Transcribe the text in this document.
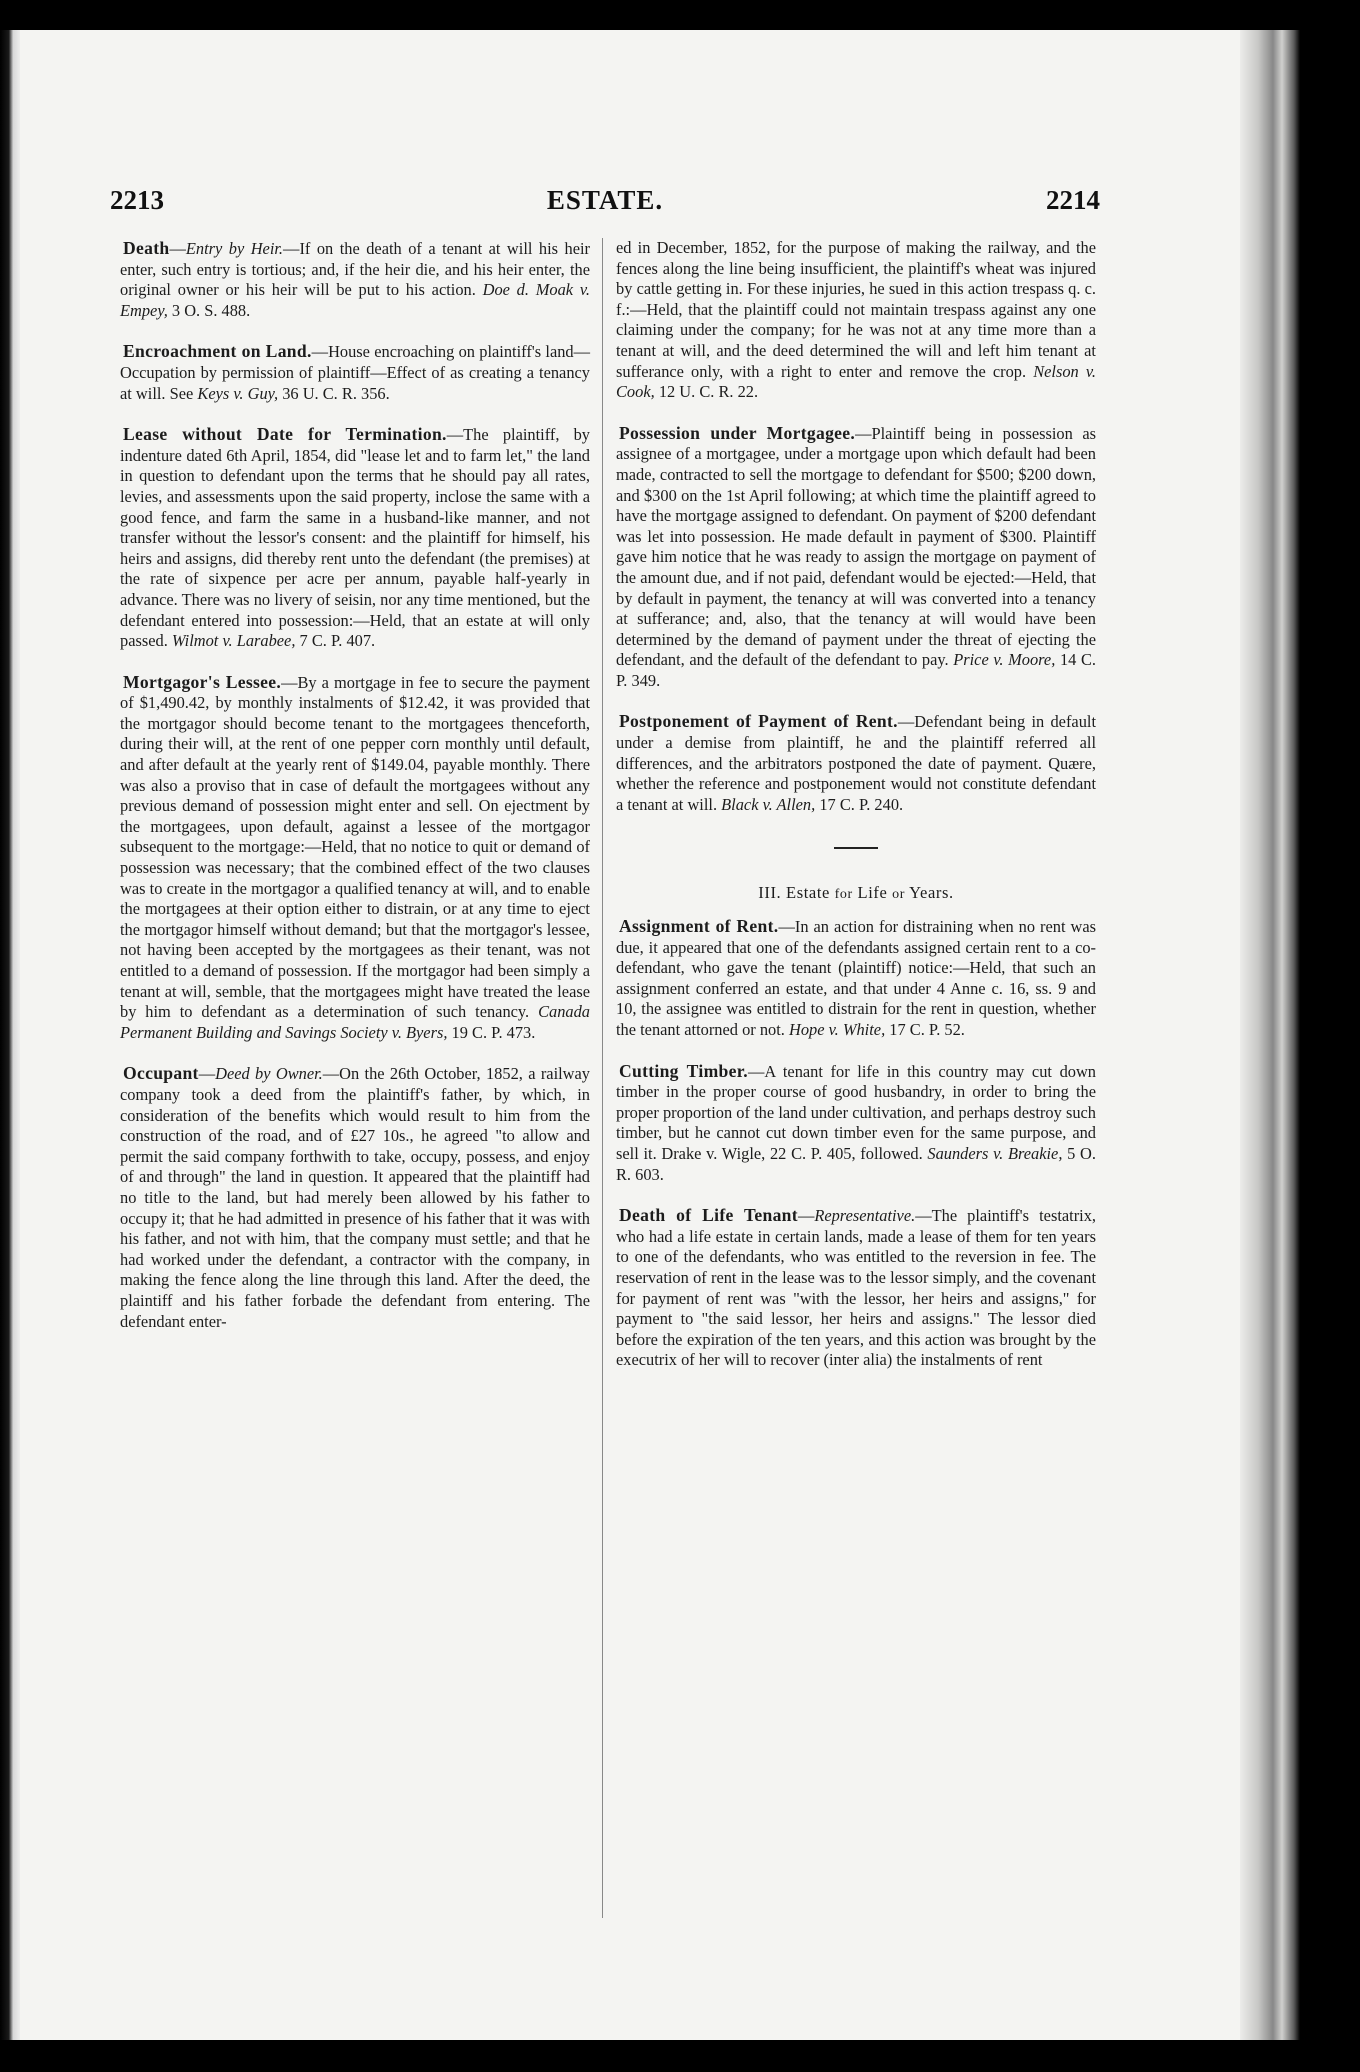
2213	ESTATE.	2214

Death—Entry by Heir.—If on the death of a tenant at will his heir enter, such entry is tortious; and, if the heir die, and his heir enter, the original owner or his heir will be put to his action. Doe d. Moak v. Empey, 3 O. S. 488.

Encroachment on Land.—House encroaching on plaintiff's land—Occupation by permission of plaintiff—Effect of as creating a tenancy at will. See Keys v. Guy, 36 U. C. R. 356.

Lease without Date for Termination.—The plaintiff, by indenture dated 6th April, 1854, did "lease let and to farm let," the land in question to defendant upon the terms that he should pay all rates, levies, and assessments upon the said property, inclose the same with a good fence, and farm the same in a husband-like manner, and not transfer without the lessor's consent: and the plaintiff for himself, his heirs and assigns, did thereby rent unto the defendant (the premises) at the rate of sixpence per acre per annum, payable half-yearly in advance. There was no livery of seisin, nor any time mentioned, but the defendant entered into possession:—Held, that an estate at will only passed. Wilmot v. Larabee, 7 C. P. 407.

Mortgagor's Lessee.—By a mortgage in fee to secure the payment of $1,490.42, by monthly instalments of $12.42, it was provided that the mortgagor should become tenant to the mortgagees thenceforth, during their will, at the rent of one pepper corn monthly until default, and after default at the yearly rent of $149.04, payable monthly. There was also a proviso that in case of default the mortgagees without any previous demand of possession might enter and sell. On ejectment by the mortgagees, upon default, against a lessee of the mortgagor subsequent to the mortgage:—Held, that no notice to quit or demand of possession was necessary; that the combined effect of the two clauses was to create in the mortgagor a qualified tenancy at will, and to enable the mortgagees at their option either to distrain, or at any time to eject the mortgagor himself without demand; but that the mortgagor's lessee, not having been accepted by the mortgagees as their tenant, was not entitled to a demand of possession. If the mortgagor had been simply a tenant at will, semble, that the mortgagees might have treated the lease by him to defendant as a determination of such tenancy. Canada Permanent Building and Savings Society v. Byers, 19 C. P. 473.

Occupant—Deed by Owner.—On the 26th October, 1852, a railway company took a deed from the plaintiff's father, by which, in consideration of the benefits which would result to him from the construction of the road, and of £27 10s., he agreed "to allow and permit the said company forthwith to take, occupy, possess, and enjoy of and through" the land in question. It appeared that the plaintiff had no title to the land, but had merely been allowed by his father to occupy it; that he had admitted in presence of his father that it was with his father, and not with him, that the company must settle; and that he had worked under the defendant, a contractor with the company, in making the fence along the line through this land. After the deed, the plaintiff and his father forbade the defendant from entering. The defendant enter-

ed in December, 1852, for the purpose of making the railway, and the fences along the line being insufficient, the plaintiff's wheat was injured by cattle getting in. For these injuries, he sued in this action trespass q. c. f.:—Held, that the plaintiff could not maintain trespass against any one claiming under the company; for he was not at any time more than a tenant at will, and the deed determined the will and left him tenant at sufferance only, with a right to enter and remove the crop. Nelson v. Cook, 12 U. C. R. 22.

Possession under Mortgagee.—Plaintiff being in possession as assignee of a mortgagee, under a mortgage upon which default had been made, contracted to sell the mortgage to defendant for $500; $200 down, and $300 on the 1st April following; at which time the plaintiff agreed to have the mortgage assigned to defendant. On payment of $200 defendant was let into possession. He made default in payment of $300. Plaintiff gave him notice that he was ready to assign the mortgage on payment of the amount due, and if not paid, defendant would be ejected:—Held, that by default in payment, the tenancy at will was converted into a tenancy at sufferance; and, also, that the tenancy at will would have been determined by the demand of payment under the threat of ejecting the defendant, and the default of the defendant to pay. Price v. Moore, 14 C. P. 349.

Postponement of Payment of Rent.—Defendant being in default under a demise from plaintiff, he and the plaintiff referred all differences, and the arbitrators postponed the date of payment. Quære, whether the reference and postponement would not constitute defendant a tenant at will. Black v. Allen, 17 C. P. 240.

III. Estate for Life or Years.

Assignment of Rent.—In an action for distraining when no rent was due, it appeared that one of the defendants assigned certain rent to a co-defendant, who gave the tenant (plaintiff) notice:—Held, that such an assignment conferred an estate, and that under 4 Anne c. 16, ss. 9 and 10, the assignee was entitled to distrain for the rent in question, whether the tenant attorned or not. Hope v. White, 17 C. P. 52.

Cutting Timber.—A tenant for life in this country may cut down timber in the proper course of good husbandry, in order to bring the proper proportion of the land under cultivation, and perhaps destroy such timber, but he cannot cut down timber even for the same purpose, and sell it. Drake v. Wigle, 22 C. P. 405, followed. Saunders v. Breakie, 5 O. R. 603.

Death of Life Tenant—Representative.—The plaintiff's testatrix, who had a life estate in certain lands, made a lease of them for ten years to one of the defendants, who was entitled to the reversion in fee. The reservation of rent in the lease was to the lessor simply, and the covenant for payment of rent was "with the lessor, her heirs and assigns," for payment to "the said lessor, her heirs and assigns." The lessor died before the expiration of the ten years, and this action was brought by the executrix of her will to recover (inter alia) the instalments of rent
